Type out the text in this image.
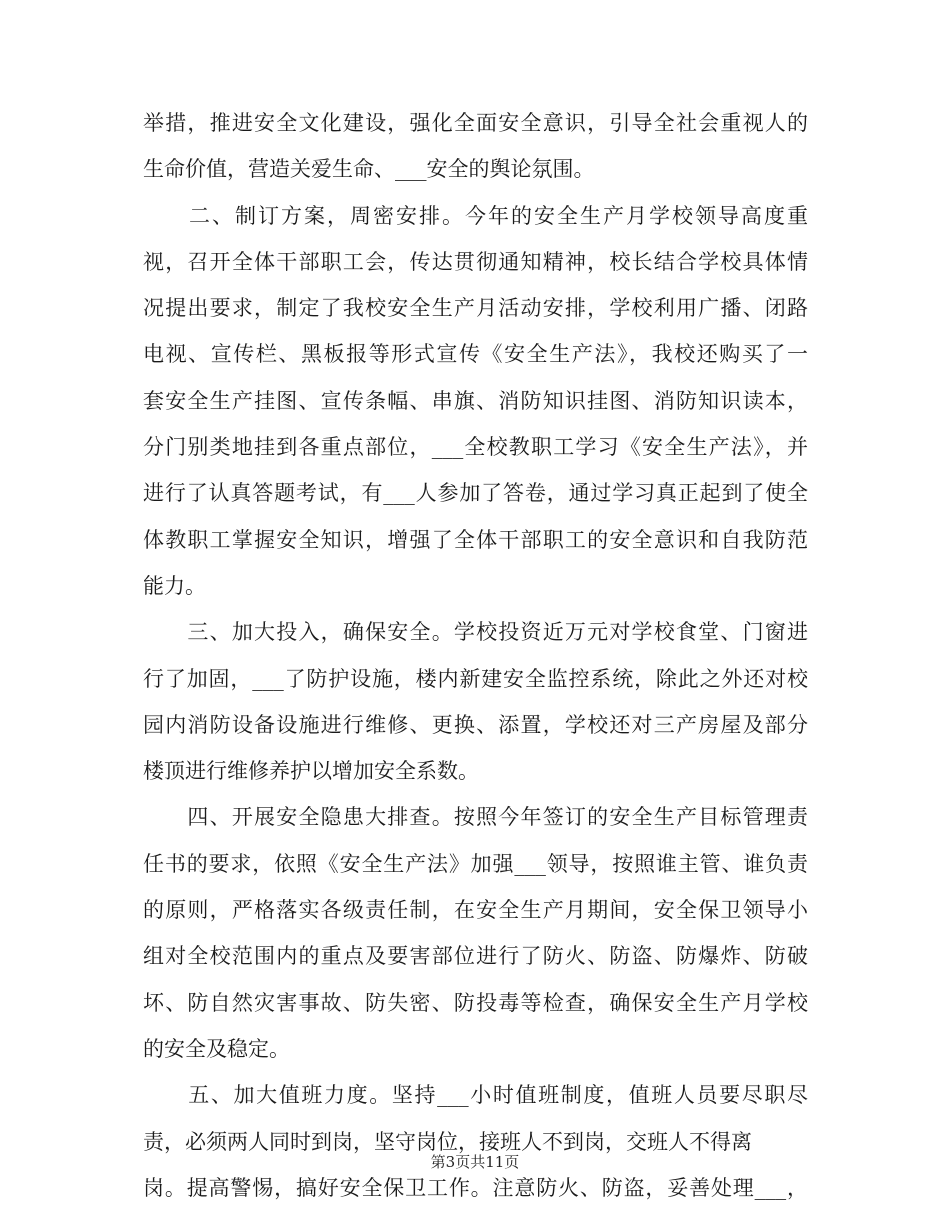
举措，推进安全文化建设，强化全面安全意识，引导全社会重视人的
生命价值，营造关爱生命、___安全的舆论氛围。
　　二、制订方案，周密安排。今年的安全生产月学校领导高度重
视，召开全体干部职工会，传达贯彻通知精神，校长结合学校具体情
况提出要求，制定了我校安全生产月活动安排，学校利用广播、闭路
电视、宣传栏、黑板报等形式宣传《安全生产法》，我校还购买了一
套安全生产挂图、宣传条幅、串旗、消防知识挂图、消防知识读本，
分门别类地挂到各重点部位，___全校教职工学习《安全生产法》，并
进行了认真答题考试，有___人参加了答卷，通过学习真正起到了使全
体教职工掌握安全知识，增强了全体干部职工的安全意识和自我防范
能力。
　　三、加大投入，确保安全。学校投资近万元对学校食堂、门窗进
行了加固，___了防护设施，楼内新建安全监控系统，除此之外还对校
园内消防设备设施进行维修、更换、添置，学校还对三产房屋及部分
楼顶进行维修养护以增加安全系数。
　　四、开展安全隐患大排查。按照今年签订的安全生产目标管理责
任书的要求，依照《安全生产法》加强___领导，按照谁主管、谁负责
的原则，严格落实各级责任制，在安全生产月期间，安全保卫领导小
组对全校范围内的重点及要害部位进行了防火、防盗、防爆炸、防破
坏、防自然灾害事故、防失密、防投毒等检查，确保安全生产月学校
的安全及稳定。
　　五、加大值班力度。坚持___小时值班制度，值班人员要尽职尽
责，必须两人同时到岗，坚守岗位，接班人不到岗，交班人不得离
岗。提高警惕，搞好安全保卫工作。注意防火、防盗，妥善处理___，
第3页共11页
